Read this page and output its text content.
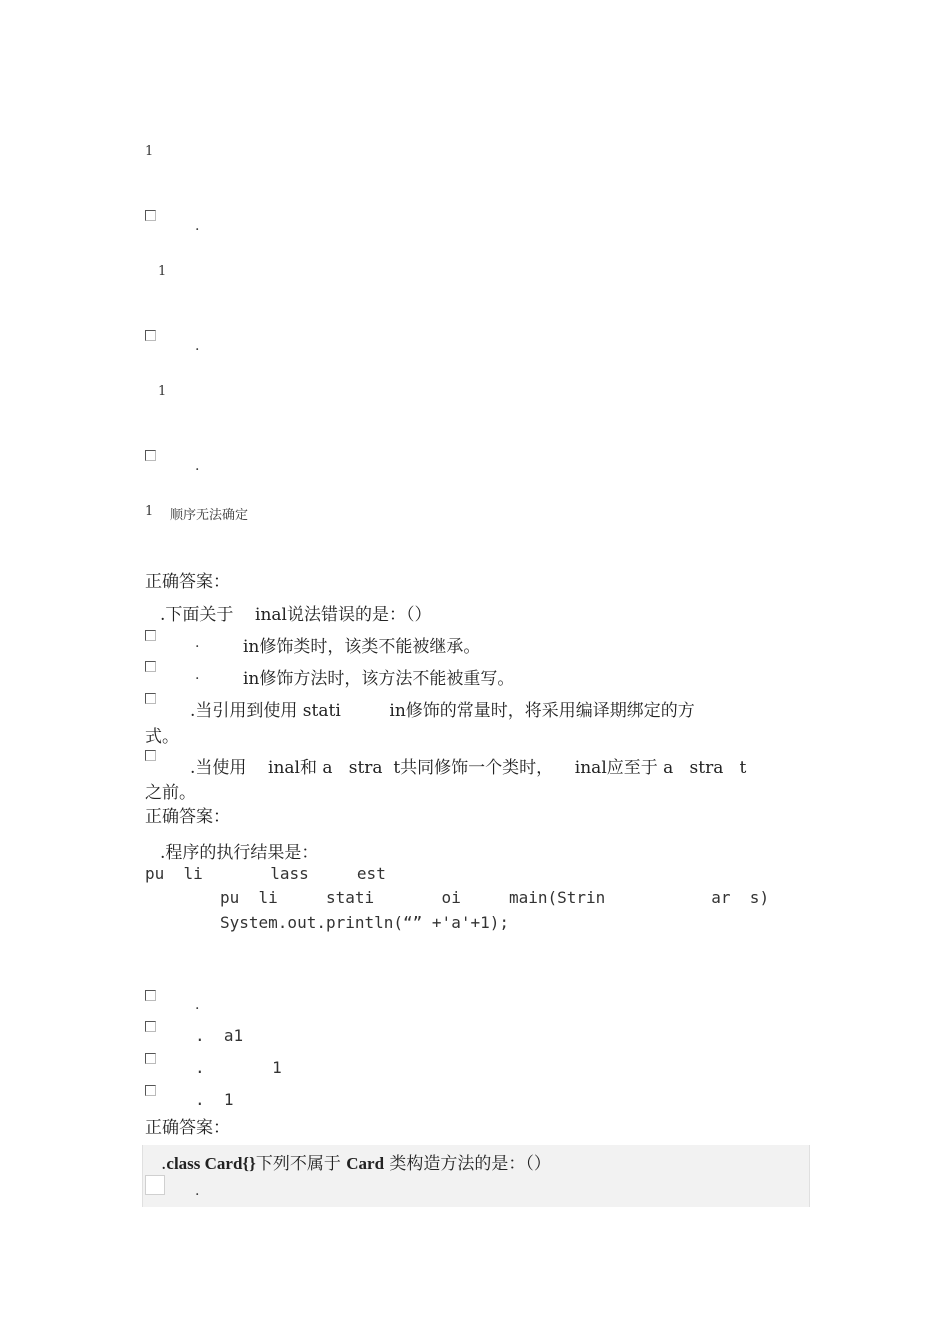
1
.
1
.
1
.
1 顺序无法确定
正确答案：
.下面关于    inal说法错误的是：（）
.	in修饰类时，该类不能被继承。
.	in修饰方法时，该方法不能被重写。
.当引用到使用 stati         in修饰的常量时，将采用编译期绑定的方
式。
.当使用    inal和 a   stra  t共同修饰一个类时，    inal应至于 a   stra   t
之前。
正确答案：
.程序的执行结果是：
pu  li       lass     est
pu  li     stati       oi     main(Strin           ar  s)
System.out.println(“” +'a'+1);
.
.  a1
.       1
.  1
正确答案：
.class Card{}下列不属于 Card 类构造方法的是：（）
.
